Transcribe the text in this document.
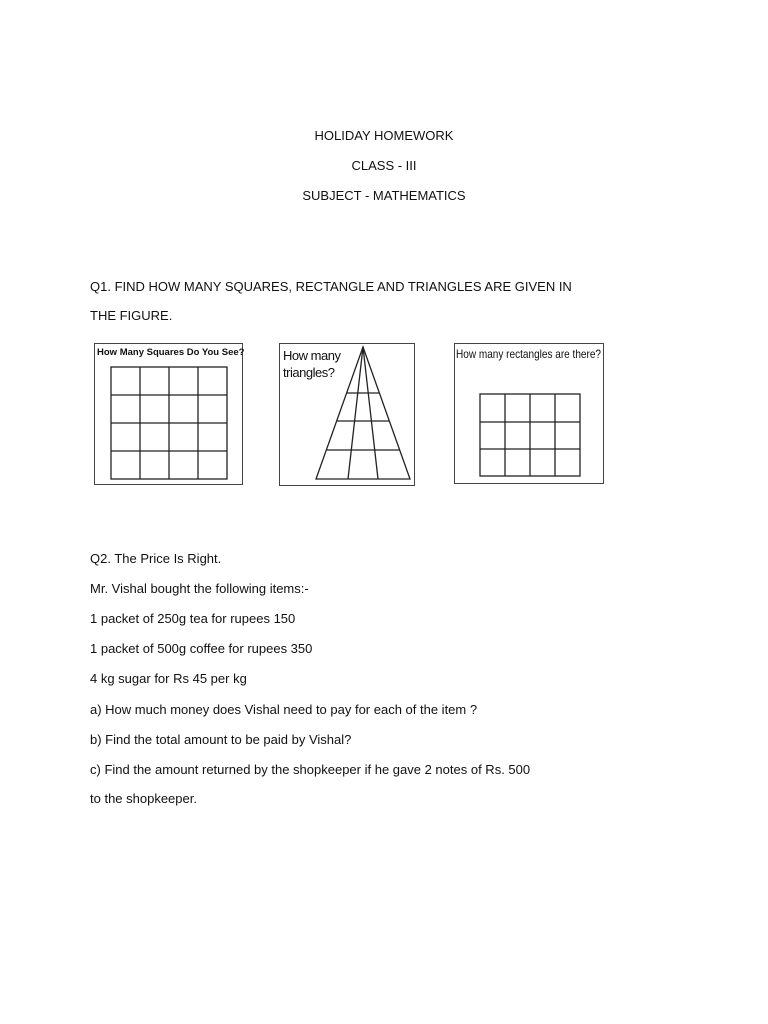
HOLIDAY HOMEWORK
CLASS - III
SUBJECT - MATHEMATICS
Q1. FIND HOW MANY SQUARES, RECTANGLE AND TRIANGLES ARE GIVEN IN
THE FIGURE.
How Many Squares Do You See?	How many
triangles?
How many rectangles are there?
Q2. The Price Is Right.
Mr. Vishal bought the following items:-
1 packet of 250g tea for rupees 150
1 packet of 500g coffee for rupees 350
4 kg sugar for Rs 45 per kg
a) How much money does Vishal need to pay for each of the item ?
b) Find the total amount to be paid by Vishal?
c) Find the amount returned by the shopkeeper if he gave 2 notes of Rs. 500
to the shopkeeper.
